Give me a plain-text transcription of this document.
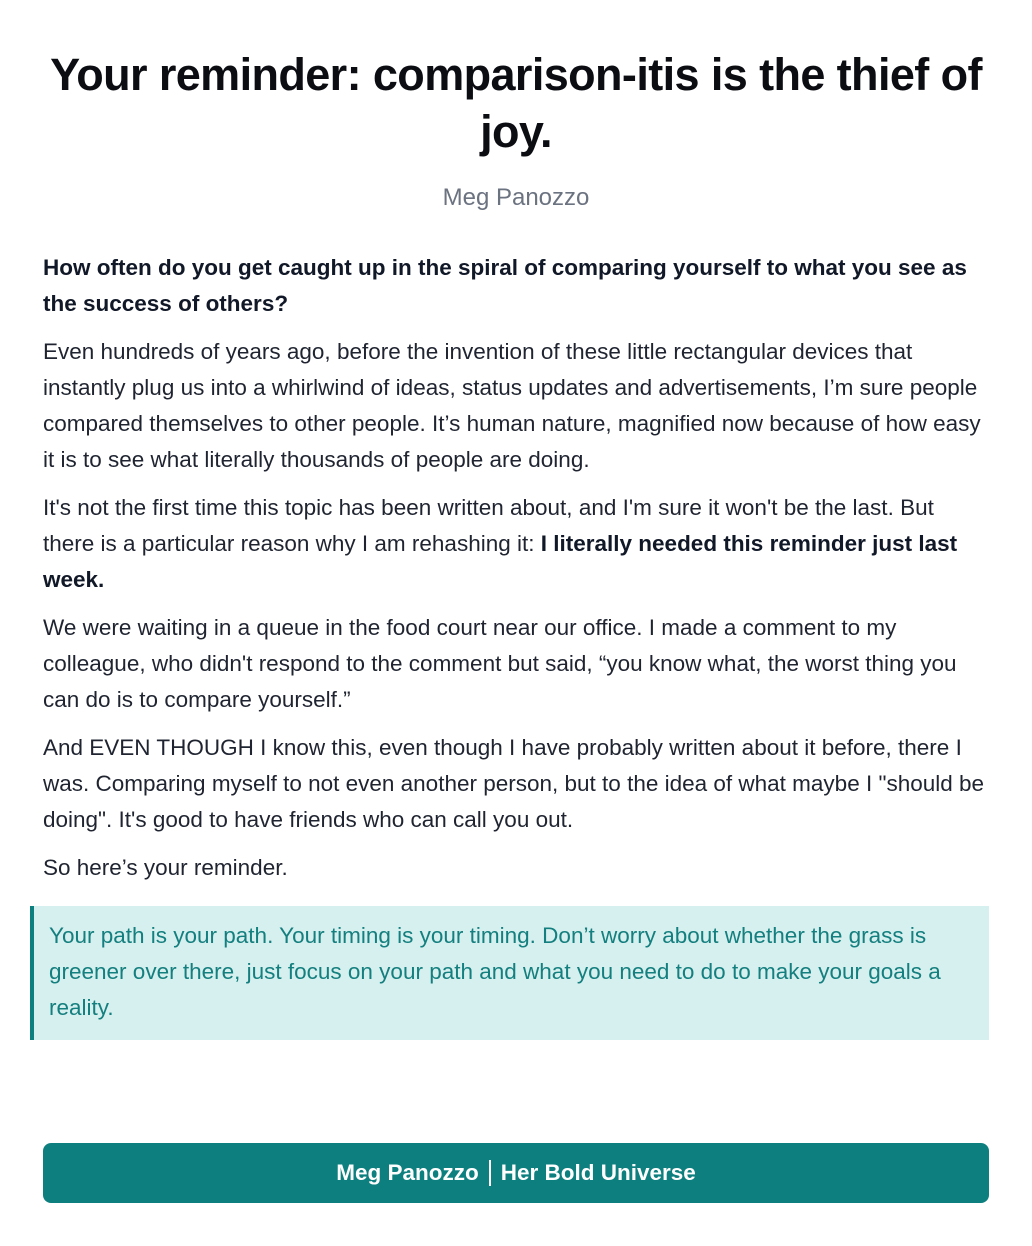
Your reminder: comparison-itis is the thief of joy.
Meg Panozzo

How often do you get caught up in the spiral of comparing yourself to what you see as the success of others?

Even hundreds of years ago, before the invention of these little rectangular devices that instantly plug us into a whirlwind of ideas, status updates and advertisements, I’m sure people compared themselves to other people. It’s human nature, magnified now because of how easy it is to see what literally thousands of people are doing.

It's not the first time this topic has been written about, and I'm sure it won't be the last. But there is a particular reason why I am rehashing it: I literally needed this reminder just last week.

We were waiting in a queue in the food court near our office. I made a comment to my colleague, who didn't respond to the comment but said, “you know what, the worst thing you can do is to compare yourself.”

And EVEN THOUGH I know this, even though I have probably written about it before, there I was. Comparing myself to not even another person, but to the idea of what maybe I "should be doing". It's good to have friends who can call you out.

So here’s your reminder.

Your path is your path. Your timing is your timing. Don’t worry about whether the grass is greener over there, just focus on your path and what you need to do to make your goals a reality.
Meg Panozzo Her Bold Universe
